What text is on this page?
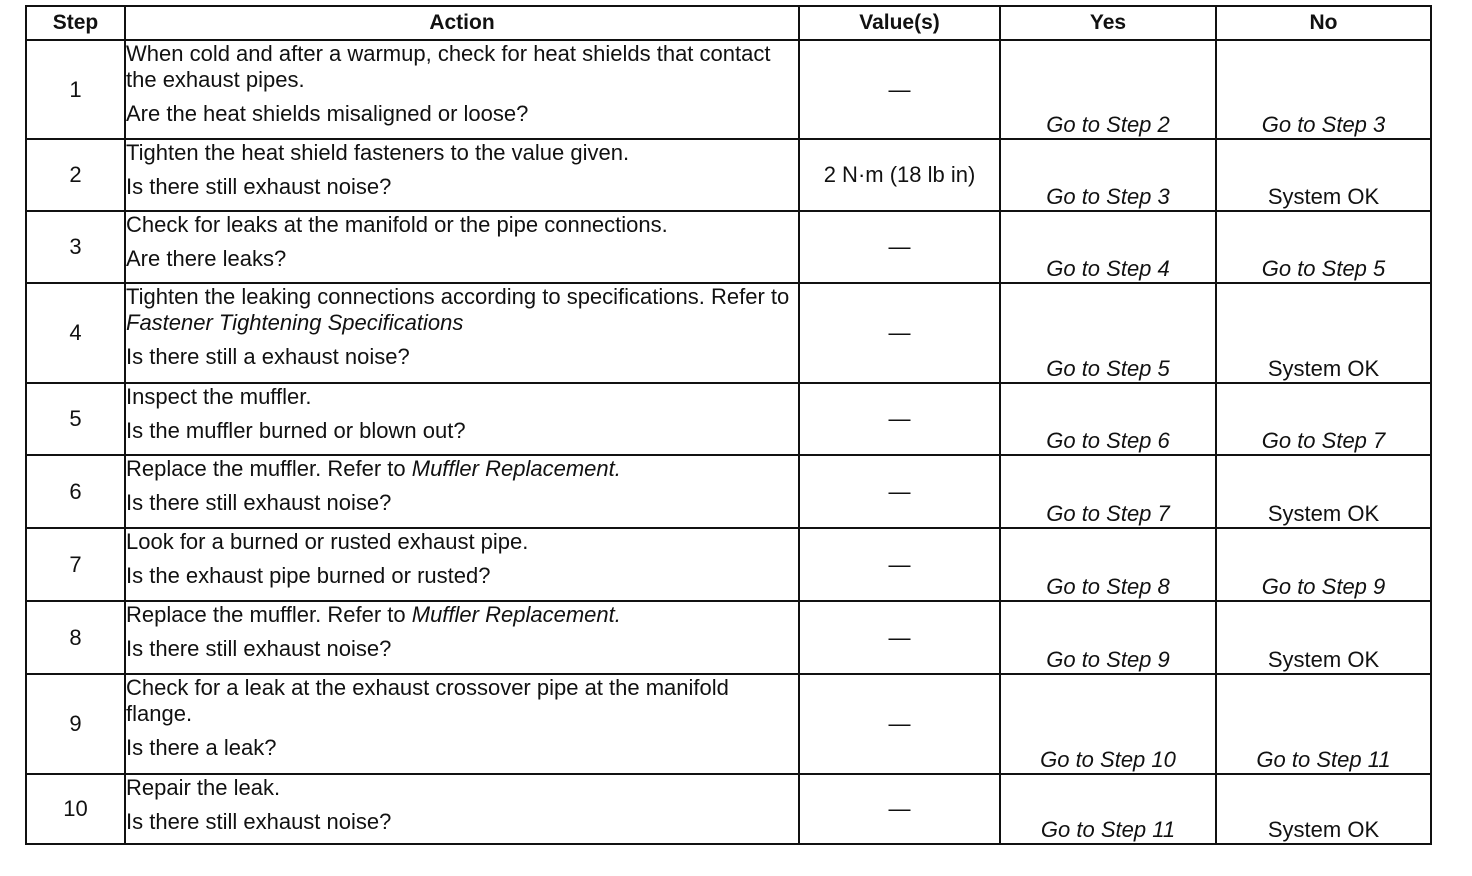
Step	Action	Value(s)	Yes	No
1	When cold and after a warmup, check for heat shields that contact the exhaust pipes.
Are the heat shields misaligned or loose?	—	Go to Step 2	Go to Step 3
2	Tighten the heat shield fasteners to the value given.
Is there still exhaust noise?	2 N·m (18 lb in)	Go to Step 3	System OK
3	Check for leaks at the manifold or the pipe connections.
Are there leaks?	—	Go to Step 4	Go to Step 5
4	Tighten the leaking connections according to specifications. Refer to Fastener Tightening Specifications
Is there still a exhaust noise?	—	Go to Step 5	System OK
5	Inspect the muffler.
Is the muffler burned or blown out?	—	Go to Step 6	Go to Step 7
6	Replace the muffler. Refer to Muffler Replacement.
Is there still exhaust noise?	—	Go to Step 7	System OK
7	Look for a burned or rusted exhaust pipe.
Is the exhaust pipe burned or rusted?	—	Go to Step 8	Go to Step 9
8	Replace the muffler. Refer to Muffler Replacement.
Is there still exhaust noise?	—	Go to Step 9	System OK
9	Check for a leak at the exhaust crossover pipe at the manifold flange.
Is there a leak?	—	Go to Step 10	Go to Step 11
10	Repair the leak.
Is there still exhaust noise?	—	Go to Step 11	System OK
